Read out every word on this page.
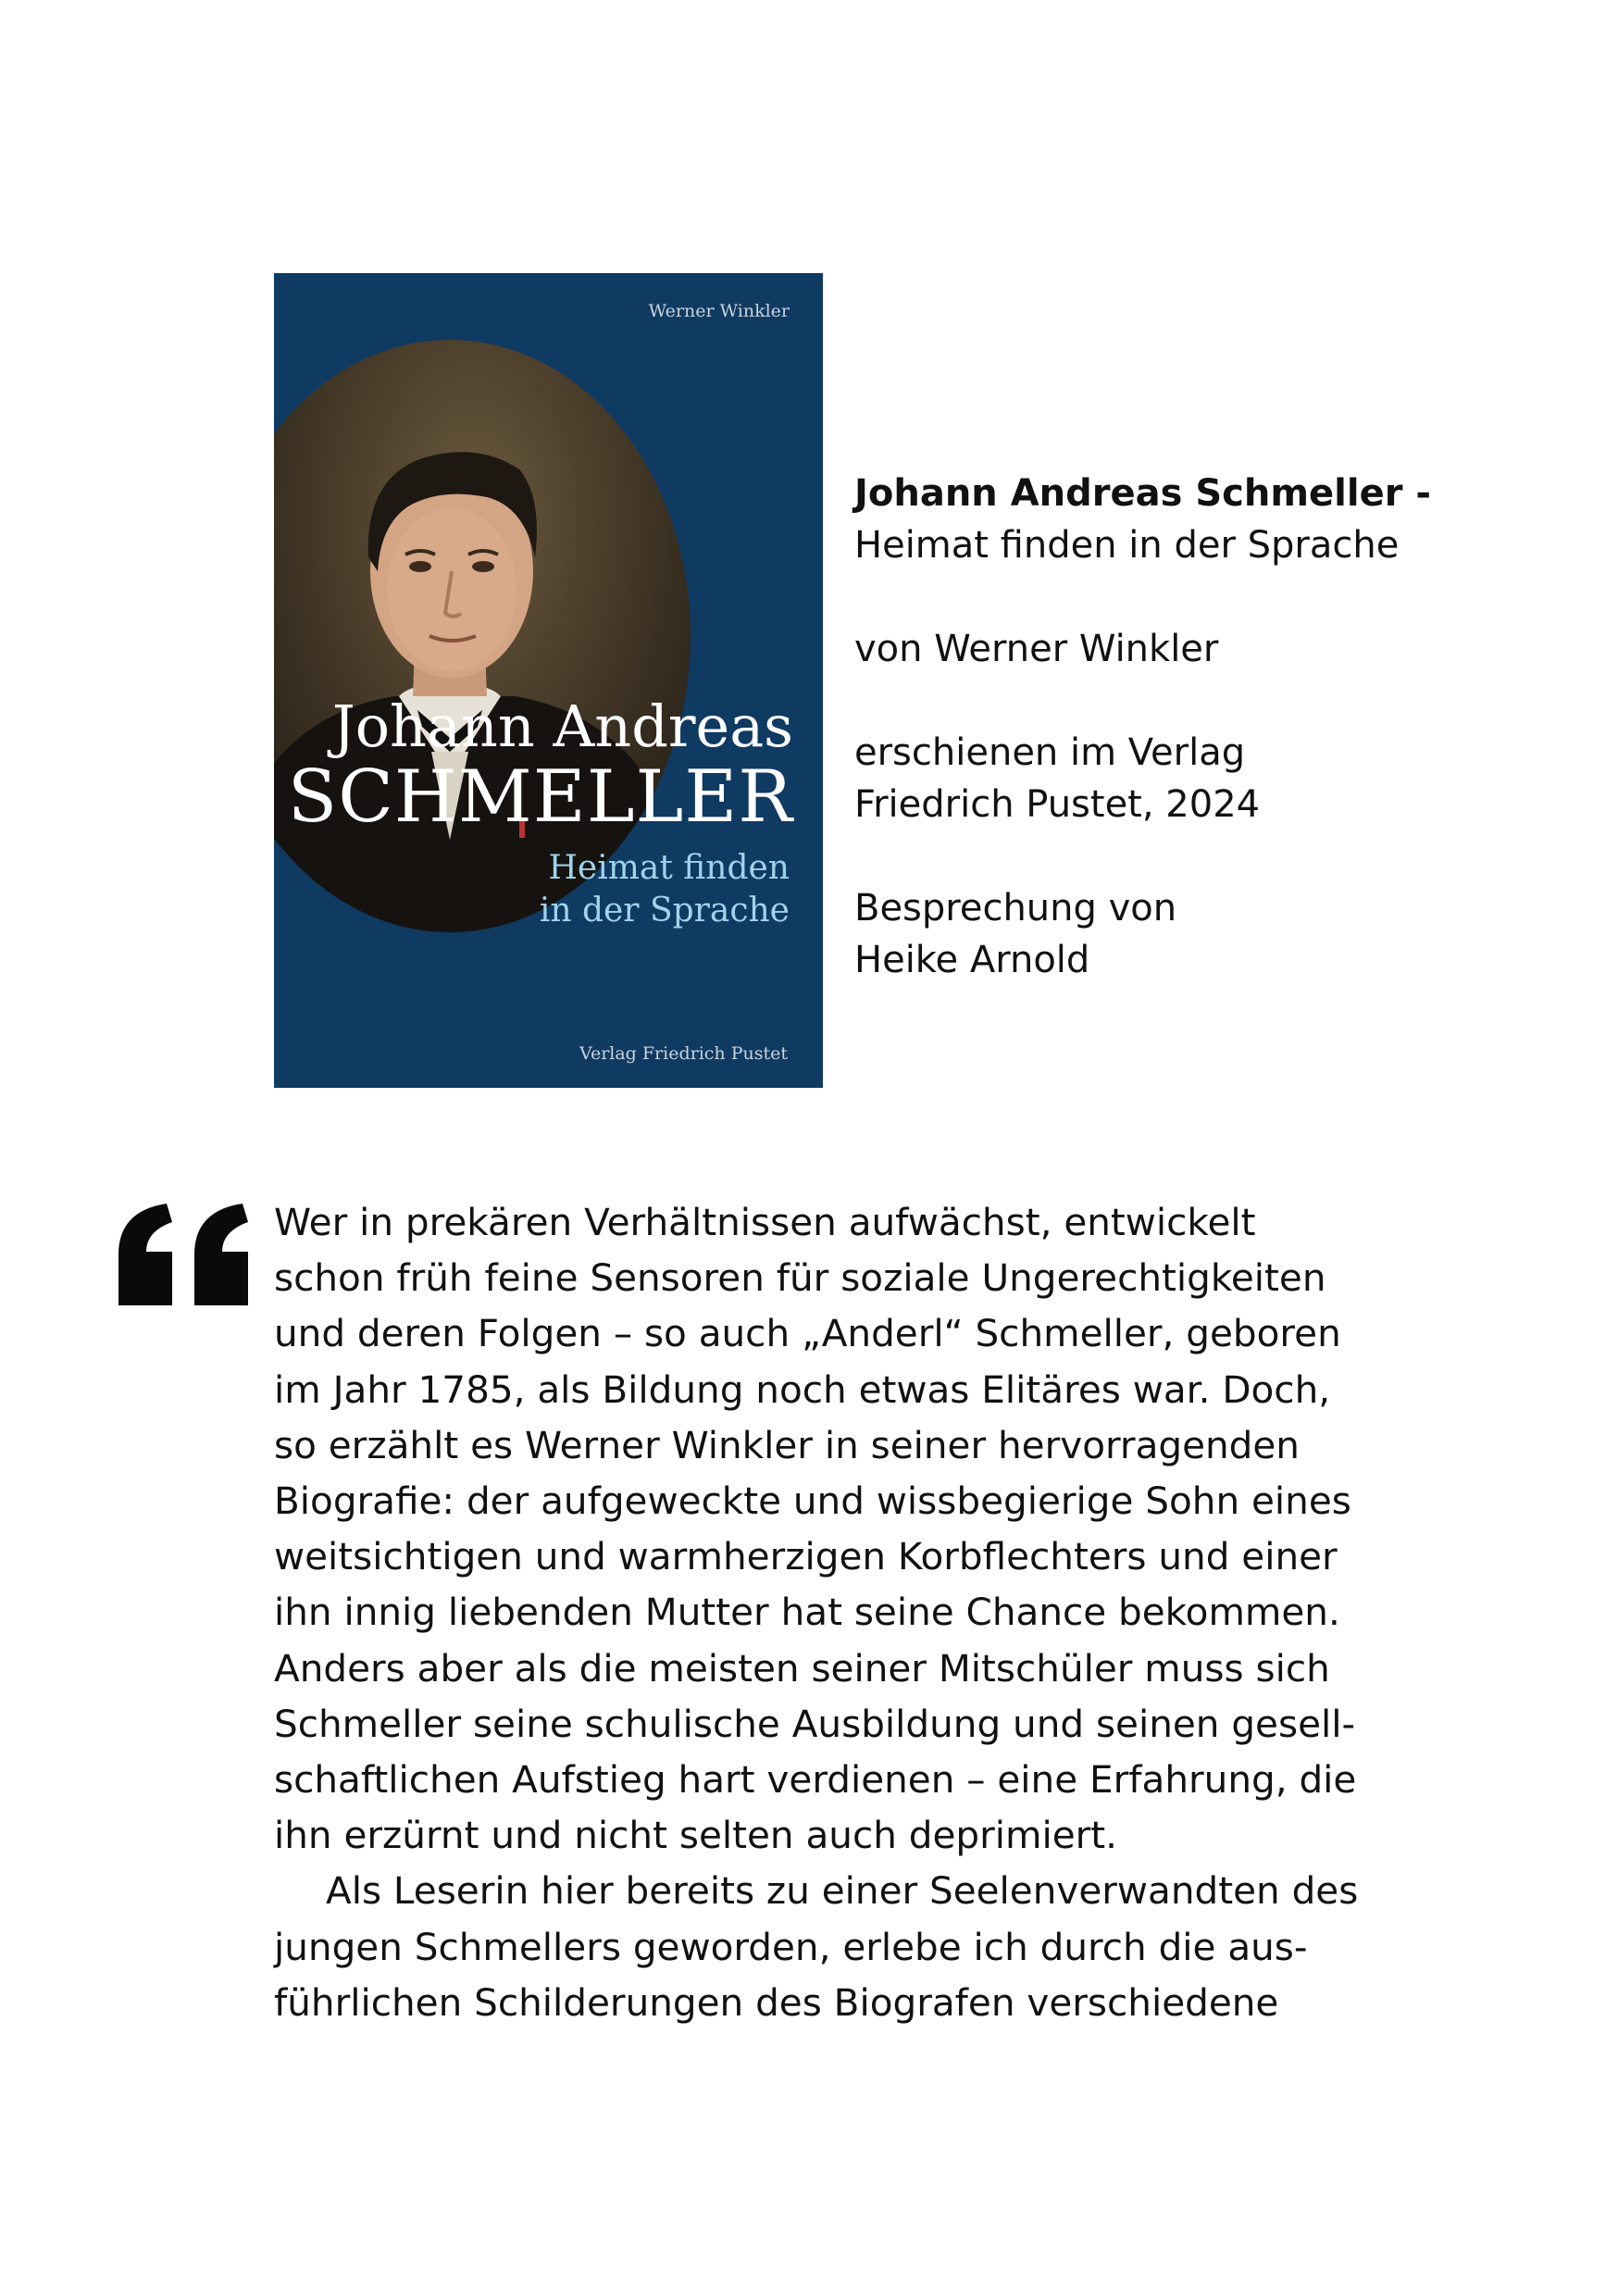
Werner Winkler
Johann Andreas
SCHMELLER
Heimat finden
in der Sprache
Verlag Friedrich Pustet

Johann Andreas Schmeller -

Heimat finden in der Sprache

von Werner Winkler

erschienen im Verlag

Friedrich Pustet, 2024

Besprechung von

Heike Arnold

Wer in prekären Verhältnissen aufwächst, entwickelt
schon früh feine Sensoren für soziale Ungerechtigkeiten
und deren Folgen – so auch „Anderl“ Schmeller, geboren
im Jahr 1785, als Bildung noch etwas Elitäres war. Doch,
so erzählt es Werner Winkler in seiner hervorragenden
Biografie: der aufgeweckte und wissbegierige Sohn eines
weitsichtigen und warmherzigen Korbflechters und einer
ihn innig liebenden Mutter hat seine Chance bekommen.
Anders aber als die meisten seiner Mitschüler muss sich
Schmeller seine schulische Ausbildung und seinen gesell-
schaftlichen Aufstieg hart verdienen – eine Erfahrung, die
ihn erzürnt und nicht selten auch deprimiert.

Als Leserin hier bereits zu einer Seelenverwandten des
jungen Schmellers geworden, erlebe ich durch die aus-
führlichen Schilderungen des Biografen verschiedene
